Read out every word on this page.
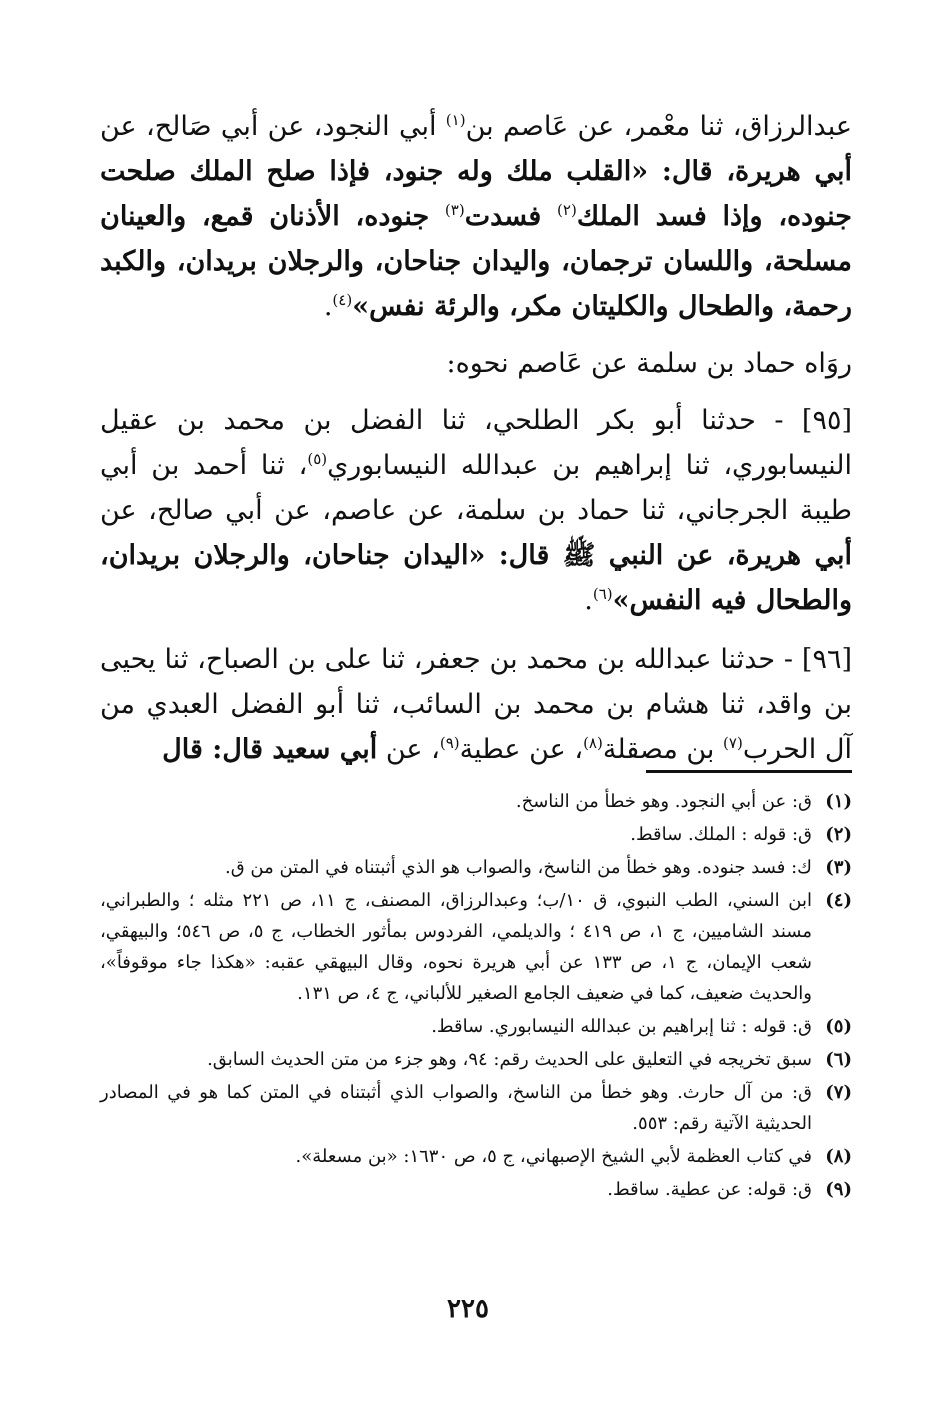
عبدالرزاق، ثنا معْمر، عن عَاصم بن$^{(١)}$ أبي النجود، عن أبي صَالح، عن أبي هريرة، قال: «القلب ملك وله جنود، فإذا صلح الملك صلحت جنوده، وإذا فسد الملك$^{(٢)}$ فسدت$^{(٣)}$ جنوده، الأذنان قمع، والعينان مسلحة، واللسان ترجمان، واليدان جناحان، والرجلان بريدان، والكبد رحمة، والطحال والكليتان مكر، والرئة نفس»$^{(٤)}$.

روَاه حماد بن سلمة عن عَاصم نحوه:

[٩٥] - حدثنا أبو بكر الطلحي، ثنا الفضل بن محمد بن عقيل النيسابوري، ثنا إبراهيم بن عبدالله النيسابوري$^{(٥)}$، ثنا أحمد بن أبي طيبة الجرجاني، ثنا حماد بن سلمة، عن عاصم، عن أبي صالح، عن أبي هريرة، عن النبي ﷺ قال: «اليدان جناحان، والرجلان بريدان، والطحال فيه النفس»$^{(٦)}$.

[٩٦] - حدثنا عبدالله بن محمد بن جعفر، ثنا على بن الصباح، ثنا يحيى بن واقد، ثنا هشام بن محمد بن السائب، ثنا أبو الفضل العبدي من آل الحرب$^{(٧)}$ بن مصقلة$^{(٨)}$، عن عطية$^{(٩)}$، عن أبي سعيد قال: قال

(١)
ق: عن أبي النجود. وهو خطأ من الناسخ.
(٢)
ق: قوله : الملك. ساقط.
(٣)
ك: فسد جنوده. وهو خطأ من الناسخ، والصواب هو الذي أثبتناه في المتن من ق.
(٤)
ابن السني، الطب النبوي، ق ١٠/ب؛ وعبدالرزاق، المصنف، ج ١١، ص ٢٢١ مثله ؛ والطبراني، مسند الشاميين، ج ١، ص ٤١٩ ؛ والديلمي، الفردوس بمأثور الخطاب، ج ٥، ص ٥٤٦؛ والبيهقي، شعب الإيمان، ج ١، ص ١٣٣ عن أبي هريرة نحوه، وقال البيهقي عقبه: «هكذا جاء موقوفاً»، والحديث ضعيف، كما في ضعيف الجامع الصغير للألباني، ج ٤، ص ١٣١.
(٥)
ق: قوله : ثنا إبراهيم بن عبدالله النيسابوري. ساقط.
(٦)
سبق تخريجه في التعليق على الحديث رقم: ٩٤، وهو جزء من متن الحديث السابق.
(٧)
ق: من آل حارث. وهو خطأ من الناسخ، والصواب الذي أثبتناه في المتن كما هو في المصادر الحديثية الآتية رقم: ٥٥٣.
(٨)
في كتاب العظمة لأبي الشيخ الإصبهاني، ج ٥، ص ١٦٣٠: «بن مسعلة».
(٩)
ق: قوله: عن عطية. ساقط.
٢٢٥
